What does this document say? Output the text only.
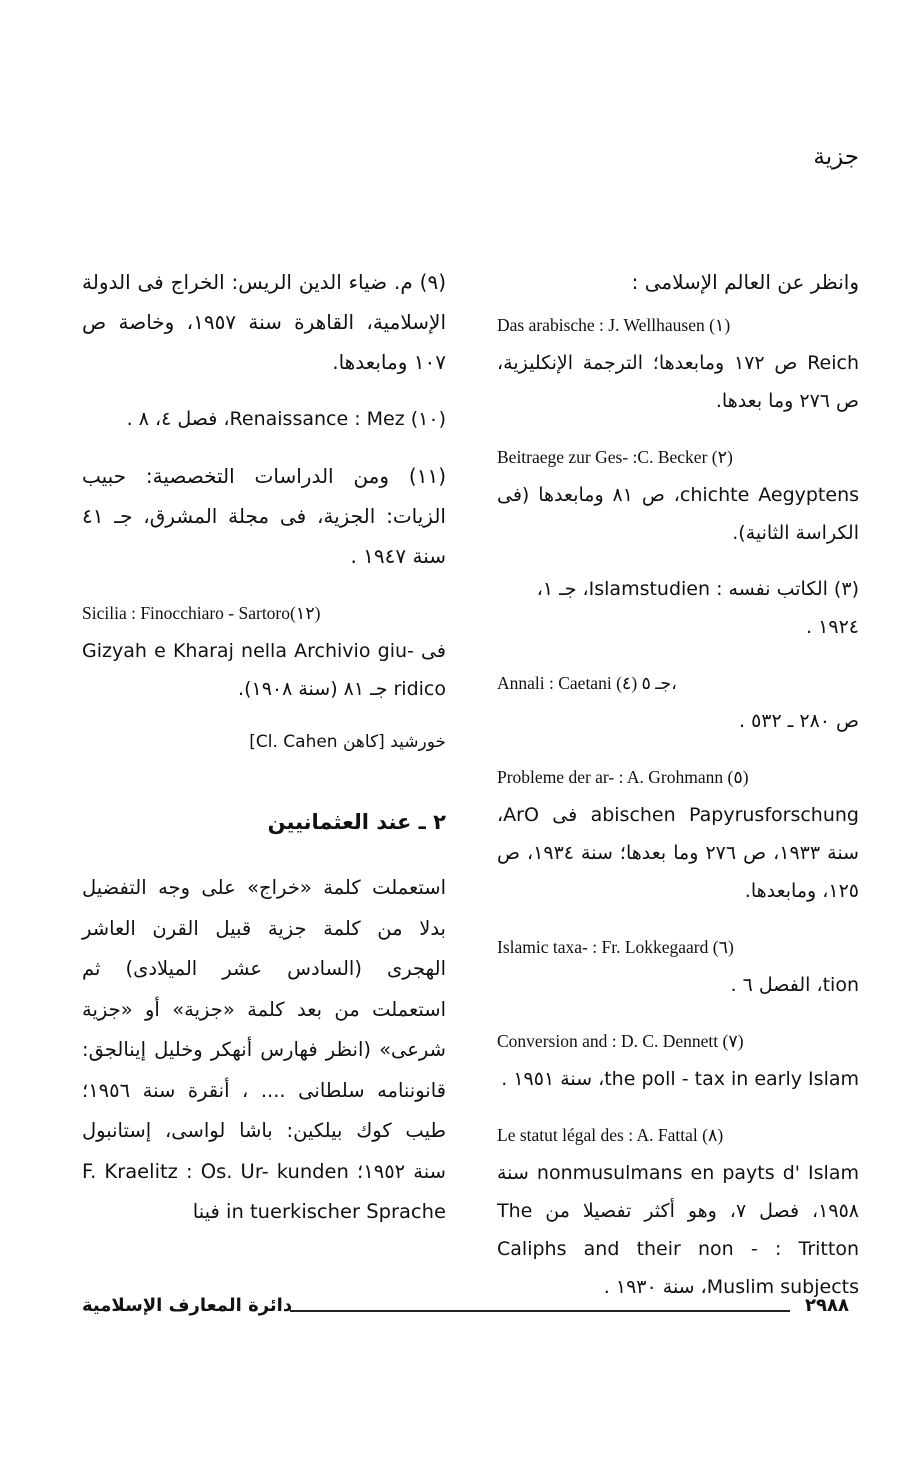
جزية
وانظر عن العالم الإسلامى :
Das arabische : J. Wellhausen (١)
Reich ص ١٧٢ ومابعدها؛ الترجمة الإنكليزية، ص ٢٧٦ وما بعدها.
Beitraege zur Ges- :C. Becker (٢)
chichte Aegyptens، ص ٨١ ومابعدها (فى الكراسة الثانية).
(٣) الكاتب نفسه : Islamstudien، جـ ١،
١٩٢٤ .
Annali : Caetani (٤) جـ ٥،
ص ٢٨٠ ـ ٥٣٢ .
Probleme der ar- : A. Grohmann (٥)
abischen Papyrusforschung فى ArO، سنة ١٩٣٣، ص ٢٧٦ وما بعدها؛ سنة ١٩٣٤، ص ١٢٥، ومابعدها.
Islamic taxa- : Fr. Lokkegaard (٦)
tion، الفصل ٦ .
Conversion and : D. C. Dennett (٧)
the poll - tax in early Islam، سنة ١٩٥١ .
Le statut légal des : A. Fattal (٨)
nonmusulmans en payts d' Islam سنة ١٩٥٨، فصل ٧، وهو أكثر تفصيلا من The Caliphs and their non - : Tritton Muslim subjects، سنة ١٩٣٠ .
(٩) م. ضياء الدين الريس: الخراج فى الدولة الإسلامية، القاهرة سنة ١٩٥٧، وخاصة ص ١٠٧ ومابعدها.
(١٠) Renaissance : Mez، فصل ٤، ٨ .
(١١) ومن الدراسات التخصصية: حبيب الزيات: الجزية، فى مجلة المشرق، جـ ٤١ سنة ١٩٤٧ .
Sicilia : Finocchiaro - Sartoro(١٢)
فى Gizyah e Kharaj nella Archivio giu- ridico جـ ٨١ (سنة ١٩٠٨).
خورشيد [كاهن Cl. Cahen]
٢ ـ عند العثمانيين
استعملت كلمة «خراج» على وجه التفضيل بدلا من كلمة جزية قبيل القرن العاشر الهجرى (السادس عشر الميلادى) ثم استعملت من بعد كلمة «جزية» أو «جزية شرعى» (انظر فهارس أنهكر وخليل إينالجق: قانوننامه سلطانى .... ، أنقرة سنة ١٩٥٦؛ طيب كوك بيلكين: باشا لواسى، إستانبول سنة ١٩٥٢؛ F. Kraelitz : Os. Ur- kunden in tuerkischer Sprache فينا
دائرة المعارف الإسلامية	٢٩٨٨
